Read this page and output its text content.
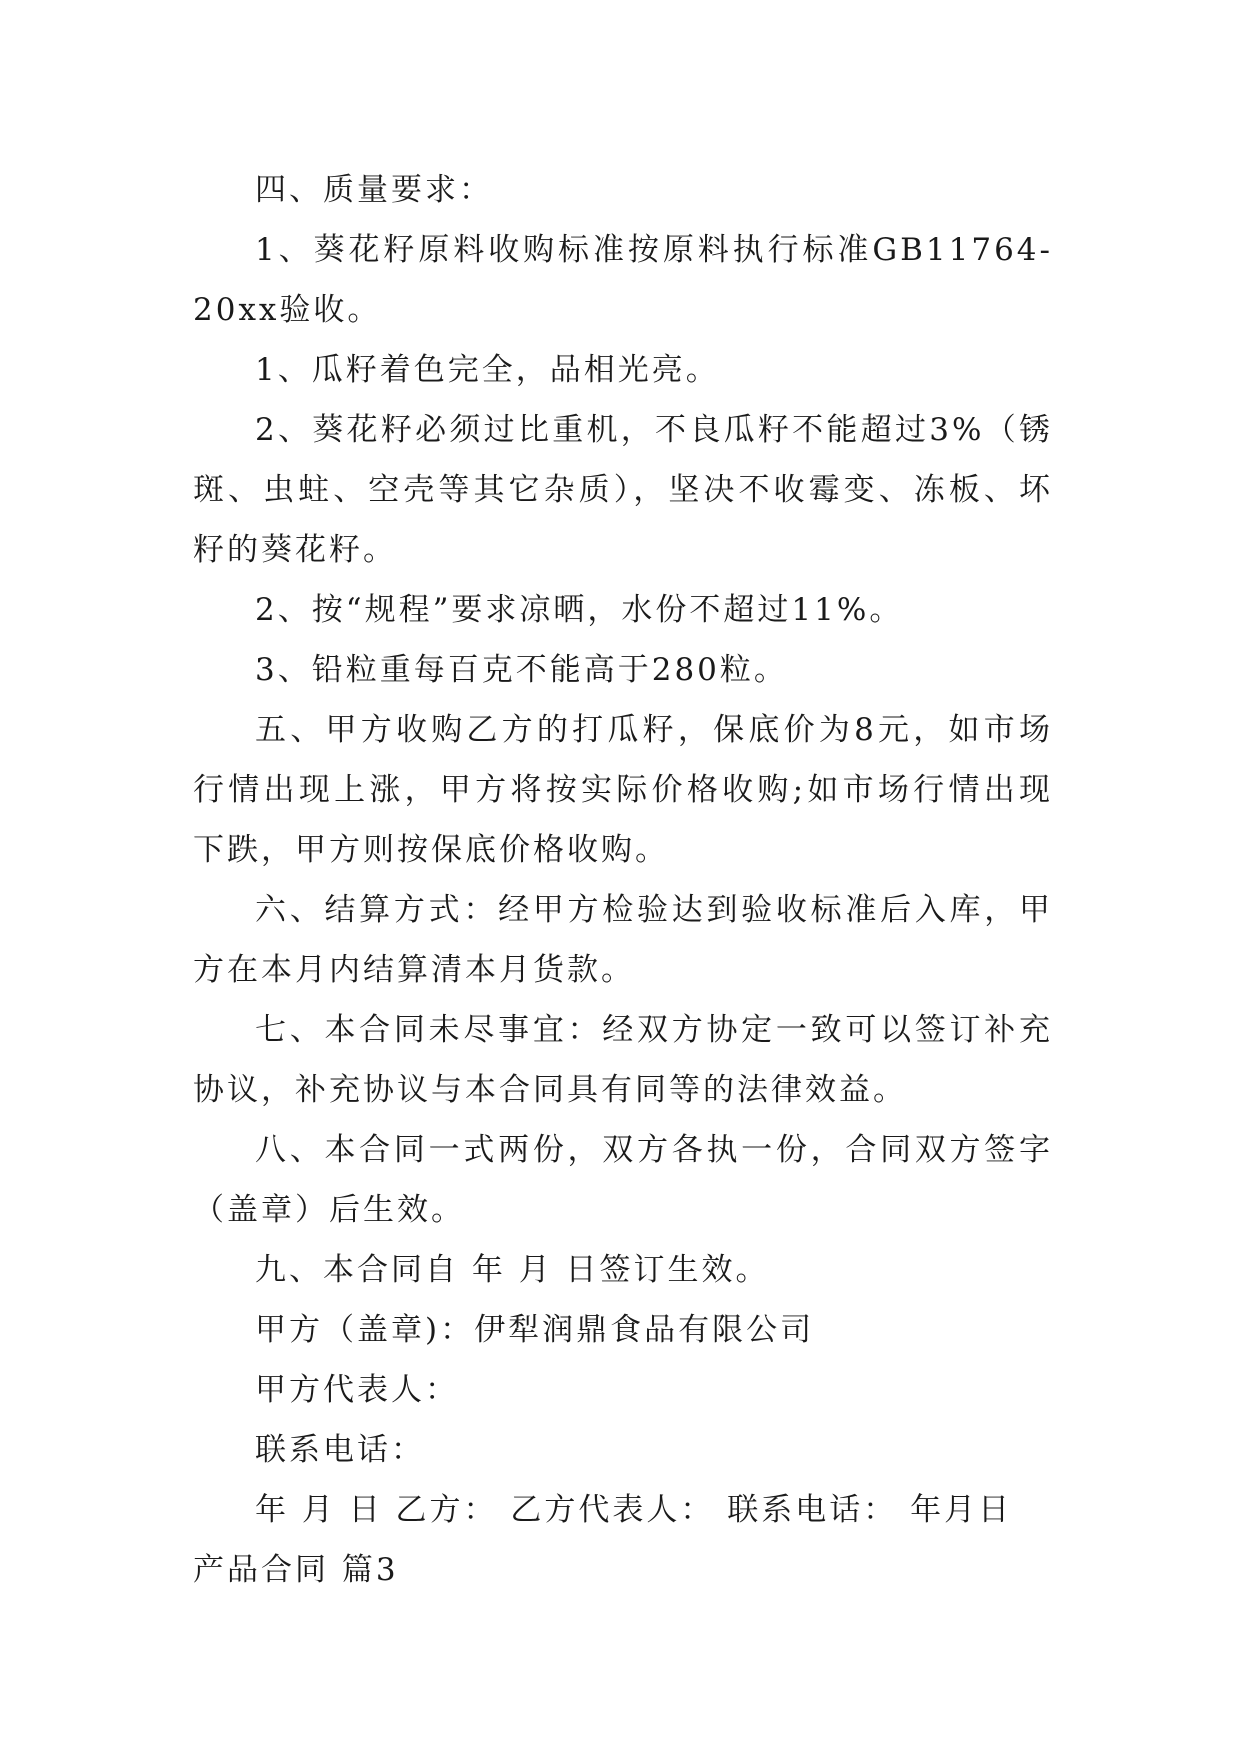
四、质量要求：

1、葵花籽原料收购标准按原料执行标准GB11764-20xx验收。

1、瓜籽着色完全，品相光亮。

2、葵花籽必须过比重机，不良瓜籽不能超过3%（锈斑、虫蛀、空壳等其它杂质），坚决不收霉变、冻板、坏籽的葵花籽。

2、按“规程”要求凉晒，水份不超过11%。

3、铅粒重每百克不能高于280粒。

五、甲方收购乙方的打瓜籽，保底价为8元，如市场行情出现上涨，甲方将按实际价格收购;如市场行情出现下跌，甲方则按保底价格收购。

六、结算方式：经甲方检验达到验收标准后入库，甲方在本月内结算清本月货款。

七、本合同未尽事宜：经双方协定一致可以签订补充协议，补充协议与本合同具有同等的法律效益。

八、本合同一式两份，双方各执一份，合同双方签字（盖章）后生效。

九、本合同自 年 月 日签订生效。

甲方（盖章)：伊犁润鼎食品有限公司

甲方代表人：

联系电话：

年 月 日 乙方： 乙方代表人： 联系电话： 年月日

产品合同 篇3
